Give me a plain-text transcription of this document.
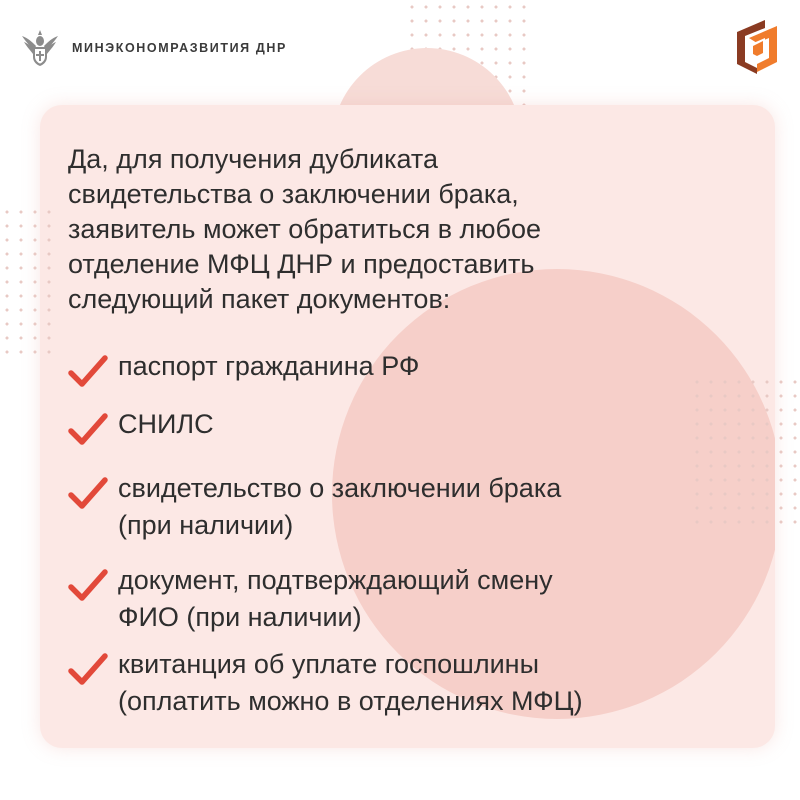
МИНЭКОНОМРАЗВИТИЯ ДНР
Да, для получения дубликата
свидетельства о заключении брака,
заявитель может обратиться в любое
отделение МФЦ ДНР и предоставить
следующий пакет документов:
паспорт гражданина РФ
СНИЛС
свидетельство о заключении брака
(при наличии)
документ, подтверждающий смену
ФИО (при наличии)
квитанция об уплате госпошлины
(оплатить можно в отделениях МФЦ)
